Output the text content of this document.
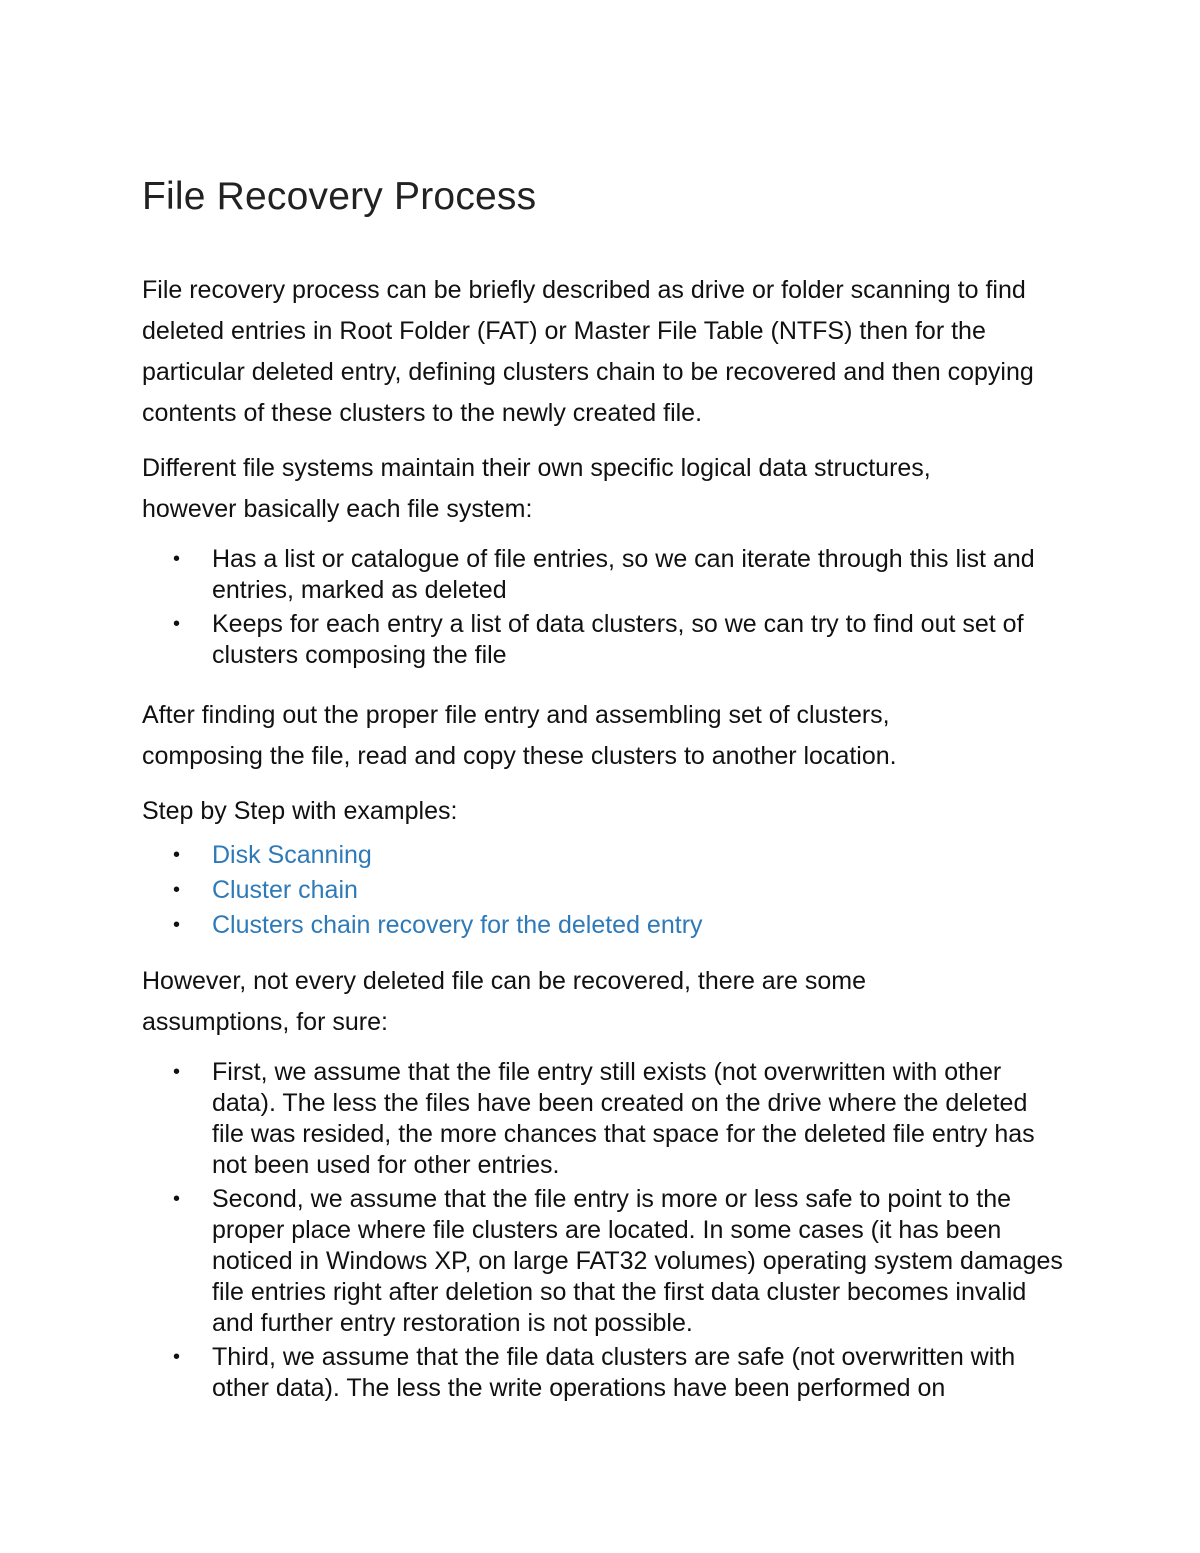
File Recovery Process

File recovery process can be briefly described as drive or folder scanning to find deleted entries in Root Folder (FAT) or Master File Table (NTFS) then for the particular deleted entry, defining clusters chain to be recovered and then copying contents of these clusters to the newly created file.

Different file systems maintain their own specific logical data structures, however basically each file system:

• Has a list or catalogue of file entries, so we can iterate through this list and entries, marked as deleted
• Keeps for each entry a list of data clusters, so we can try to find out set of clusters composing the file

After finding out the proper file entry and assembling set of clusters, composing the file, read and copy these clusters to another location.

Step by Step with examples:

• Disk Scanning
• Cluster chain
• Clusters chain recovery for the deleted entry

However, not every deleted file can be recovered, there are some assumptions, for sure:

• First, we assume that the file entry still exists (not overwritten with other data). The less the files have been created on the drive where the deleted file was resided, the more chances that space for the deleted file entry has not been used for other entries.
• Second, we assume that the file entry is more or less safe to point to the proper place where file clusters are located. In some cases (it has been noticed in Windows XP, on large FAT32 volumes) operating system damages file entries right after deletion so that the first data cluster becomes invalid and further entry restoration is not possible.
• Third, we assume that the file data clusters are safe (not overwritten with other data). The less the write operations have been performed on
